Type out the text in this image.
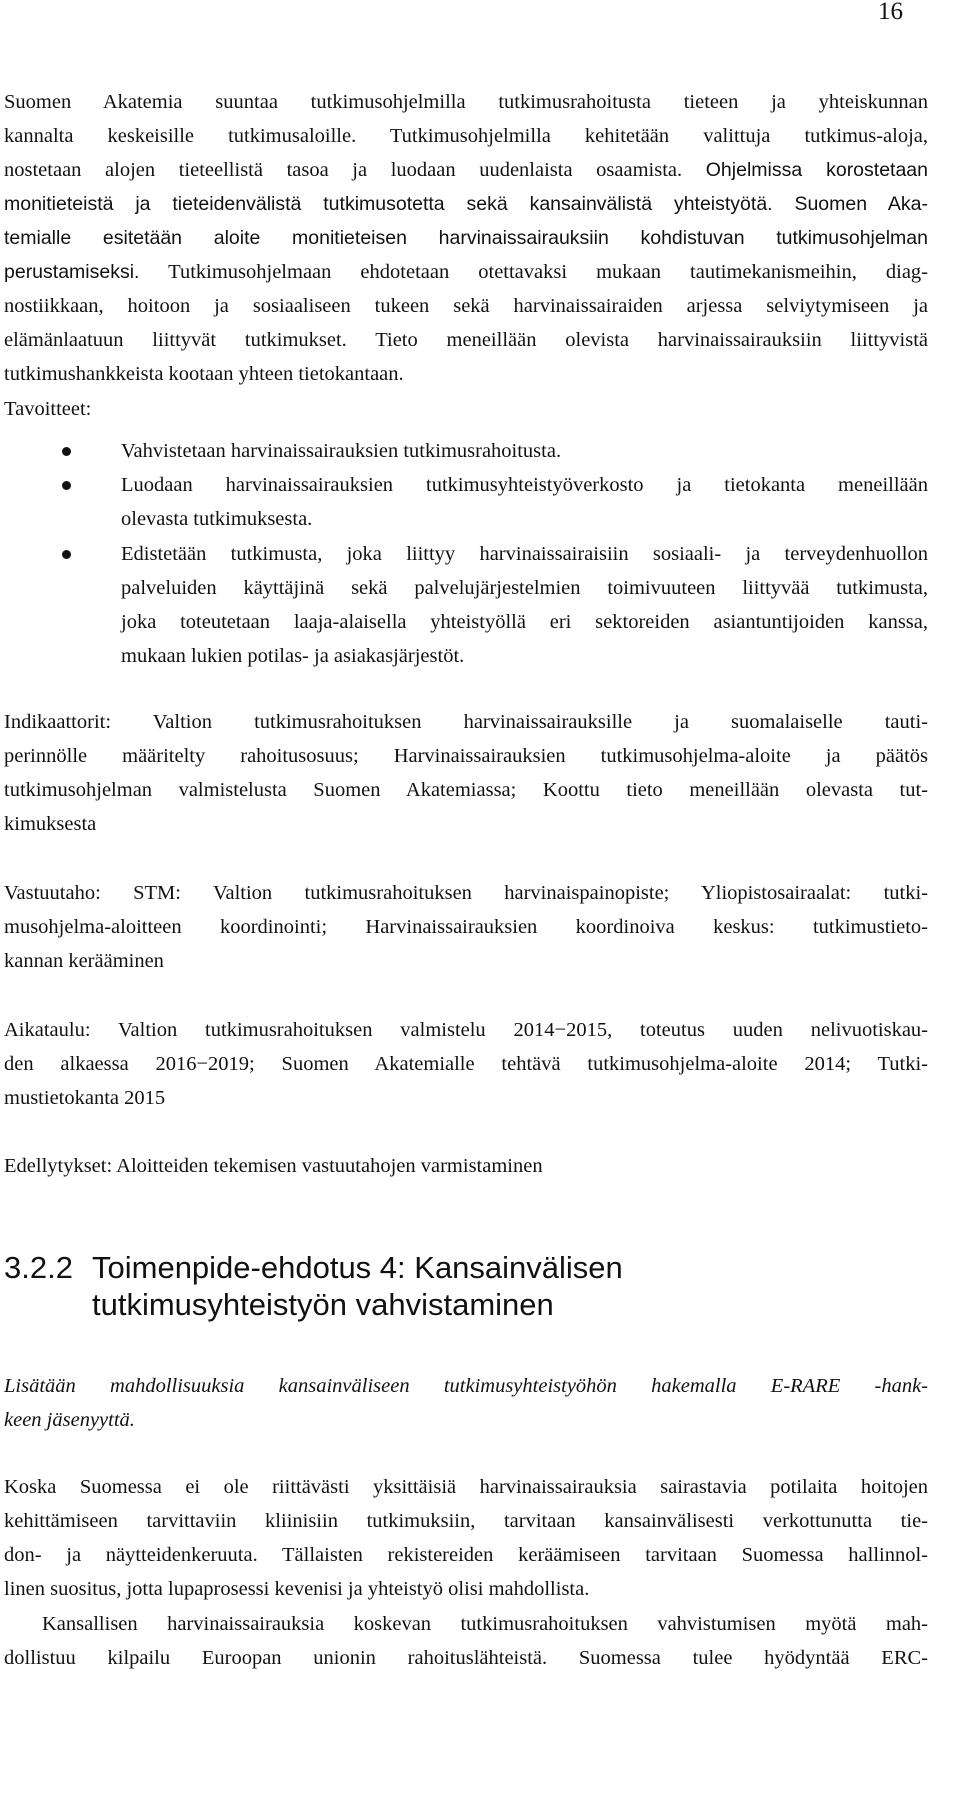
16
Suomen Akatemia suuntaa tutkimusohjelmilla tutkimusrahoitusta tieteen ja yhteiskunnan
kannalta keskeisille tutkimusaloille. Tutkimusohjelmilla kehitetään valittuja tutkimus-aloja,
nostetaan alojen tieteellistä tasoa ja luodaan uudenlaista osaamista. Ohjelmissa korostetaan
monitieteistä ja tieteidenvälistä tutkimusotetta sekä kansainvälistä yhteistyötä. Suomen Aka-
temialle esitetään aloite monitieteisen harvinaissairauksiin kohdistuvan tutkimusohjelman
perustamiseksi. Tutkimusohjelmaan ehdotetaan otettavaksi mukaan tautimekanismeihin, diag-
nostiikkaan, hoitoon ja sosiaaliseen tukeen sekä harvinaissairaiden arjessa selviytymiseen ja
elämänlaatuun liittyvät tutkimukset. Tieto meneillään olevista harvinaissairauksiin liittyvistä
tutkimushankkeista kootaan yhteen tietokantaan.
Tavoitteet:
Vahvistetaan harvinaissairauksien tutkimusrahoitusta.
Luodaan harvinaissairauksien tutkimusyhteistyöverkosto ja tietokanta meneillään
olevasta tutkimuksesta.
Edistetään tutkimusta, joka liittyy harvinaissairaisiin sosiaali- ja terveydenhuollon
palveluiden käyttäjinä sekä palvelujärjestelmien toimivuuteen liittyvää tutkimusta,
joka toteutetaan laaja-alaisella yhteistyöllä eri sektoreiden asiantuntijoiden kanssa,
mukaan lukien potilas- ja asiakasjärjestöt.
Indikaattorit: Valtion tutkimusrahoituksen harvinaissairauksille ja suomalaiselle tauti-
perinnölle määritelty rahoitusosuus; Harvinaissairauksien tutkimusohjelma-aloite ja päätös
tutkimusohjelman valmistelusta Suomen Akatemiassa; Koottu tieto meneillään olevasta tut-
kimuksesta
Vastuutaho: STM: Valtion tutkimusrahoituksen harvinaispainopiste; Yliopistosairaalat: tutki-
musohjelma-aloitteen koordinointi; Harvinaissairauksien koordinoiva keskus: tutkimustieto-
kannan kerääminen
Aikataulu: Valtion tutkimusrahoituksen valmistelu 2014−2015, toteutus uuden nelivuotiskau-
den alkaessa 2016−2019; Suomen Akatemialle tehtävä tutkimusohjelma-aloite 2014; Tutki-
mustietokanta 2015
Edellytykset: Aloitteiden tekemisen vastuutahojen varmistaminen
3.2.2 Toimenpide-ehdotus 4: Kansainvälisen
tutkimusyhteistyön vahvistaminen
Lisätään mahdollisuuksia kansainväliseen tutkimusyhteistyöhön hakemalla E-RARE -hank-
keen jäsenyyttä.
Koska Suomessa ei ole riittävästi yksittäisiä harvinaissairauksia sairastavia potilaita hoitojen
kehittämiseen tarvittaviin kliinisiin tutkimuksiin, tarvitaan kansainvälisesti verkottunutta tie-
don- ja näytteidenkeruuta. Tällaisten rekistereiden keräämiseen tarvitaan Suomessa hallinnol-
linen suositus, jotta lupaprosessi kevenisi ja yhteistyö olisi mahdollista.
Kansallisen harvinaissairauksia koskevan tutkimusrahoituksen vahvistumisen myötä mah-
dollistuu kilpailu Euroopan unionin rahoituslähteistä. Suomessa tulee hyödyntää ERC-
